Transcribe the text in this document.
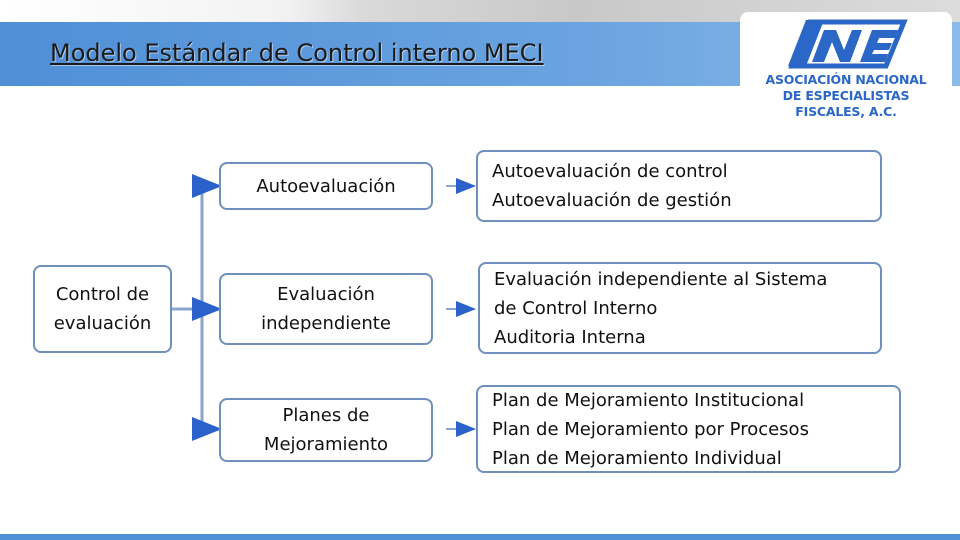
Modelo Estándar de Control interno MECI
ASOCIACIÓN NACIONAL
DE ESPECIALISTAS
FISCALES, A.C.
Control de
evaluación
Autoevaluación
Evaluación
independiente
Planes de
Mejoramiento
Autoevaluación de control
Autoevaluación de gestión
Evaluación independiente al Sistema
de Control Interno
Auditoria Interna
Plan de Mejoramiento Institucional
Plan de Mejoramiento por Procesos
Plan de Mejoramiento Individual
